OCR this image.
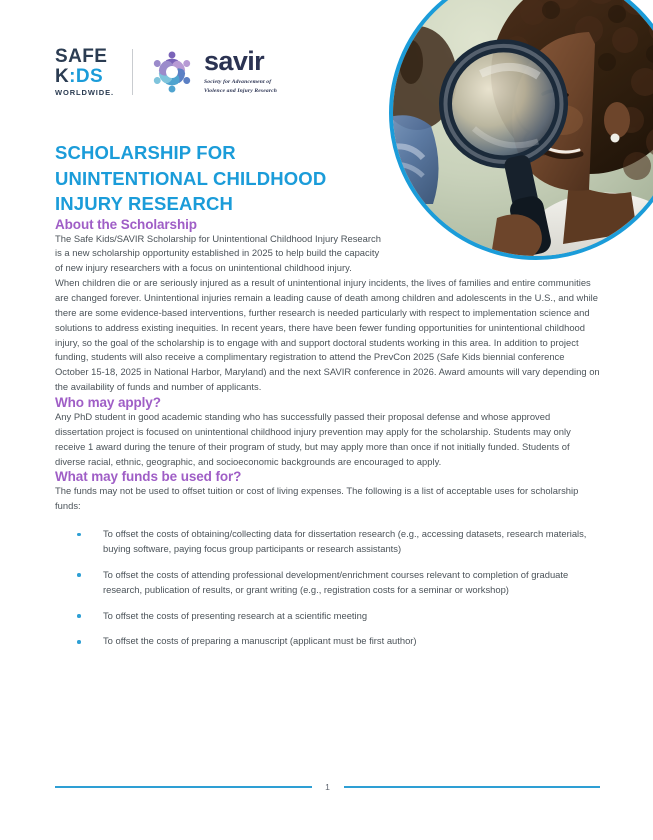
SAFE
K:DS
WORLDWIDE.
savir
Society for Advancement of
Violence and Injury Research
SCHOLARSHIP FOR UNINTENTIONAL CHILDHOOD INJURY RESEARCH
About the Scholarship

The Safe Kids/SAVIR Scholarship for Unintentional Childhood Injury Research is a new scholarship opportunity established in 2025 to help build the capacity of new injury researchers with a focus on unintentional childhood injury.

When children die or are seriously injured as a result of unintentional injury incidents, the lives of families and entire communities are changed forever. Unintentional injuries remain a leading cause of death among children and adolescents in the U.S., and while there are some evidence-based interventions, further research is needed particularly with respect to implementation science and solutions to address existing inequities. In recent years, there have been fewer funding opportunities for unintentional childhood injury, so the goal of the scholarship is to engage with and support doctoral students working in this area. In addition to project funding, students will also receive a complimentary registration to attend the PrevCon 2025 (Safe Kids biennial conference October 15-18, 2025 in National Harbor, Maryland) and the next SAVIR conference in 2026. Award amounts will vary depending on the availability of funds and number of applicants.

Who may apply?

Any PhD student in good academic standing who has successfully passed their proposal defense and whose approved dissertation project is focused on unintentional childhood injury prevention may apply for the scholarship. Students may only receive 1 award during the tenure of their program of study, but may apply more than once if not initially funded. Students of diverse racial, ethnic, geographic, and socioeconomic backgrounds are encouraged to apply.

What may funds be used for?

The funds may not be used to offset tuition or cost of living expenses. The following is a list of acceptable uses for scholarship funds:

To offset the costs of obtaining/collecting data for dissertation research (e.g., accessing datasets, research materials, buying software, paying focus group participants or research assistants)
To offset the costs of attending professional development/enrichment courses relevant to completion of graduate research, publication of results, or grant writing (e.g., registration costs for a seminar or workshop)
To offset the costs of presenting research at a scientific meeting
To offset the costs of preparing a manuscript (applicant must be first author)
1
